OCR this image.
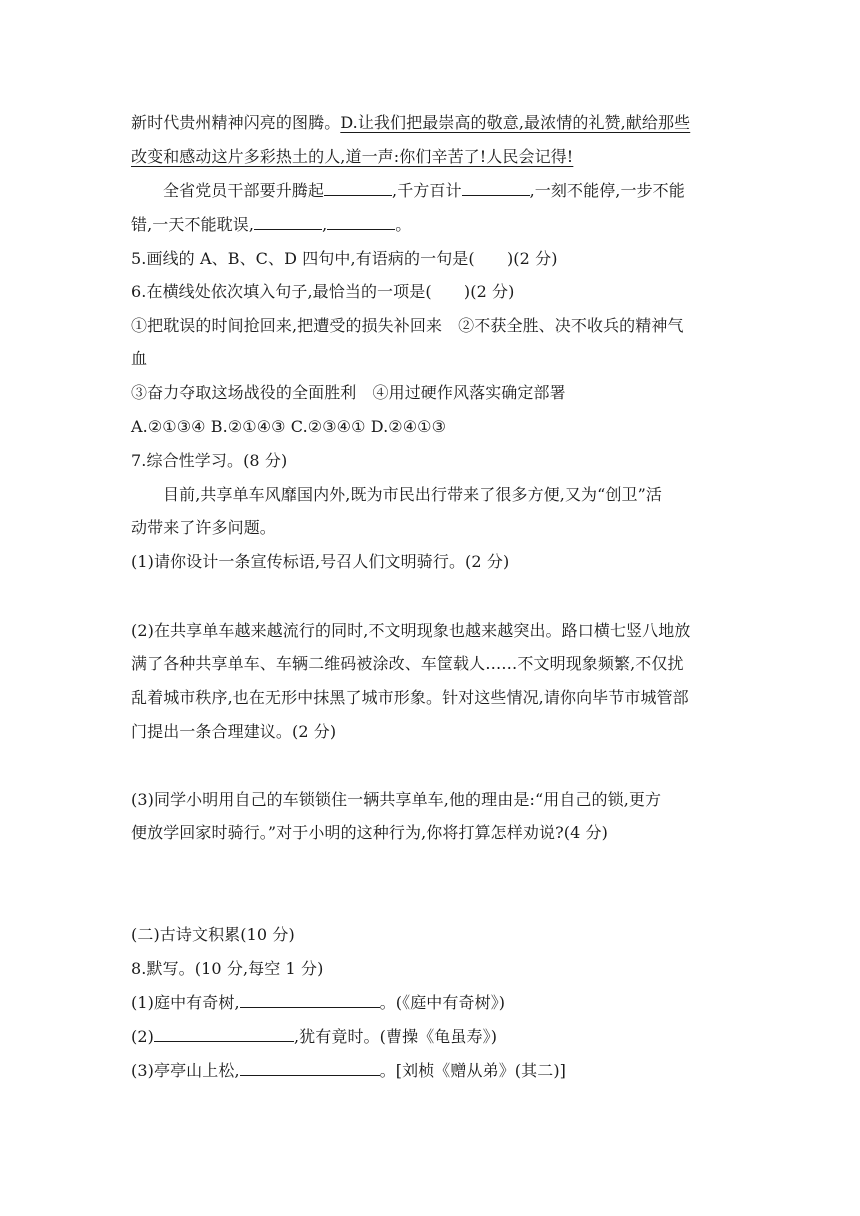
新时代贵州精神闪亮的图腾。D.让我们把最崇高的敬意,最浓情的礼赞,献给那些
改变和感动这片多彩热土的人,道一声:你们辛苦了!人民会记得!
全省党员干部要升腾起	,千方百计	,一刻不能停,一步不能
错,一天不能耽误,	,	。
5.画线的 A、B、C、D 四句中,有语病的一句是(　　)(2 分)
6.在横线处依次填入句子,最恰当的一项是(　　)(2 分)
①把耽误的时间抢回来,把遭受的损失补回来　②不获全胜、决不收兵的精神气
血
③奋力夺取这场战役的全面胜利　④用过硬作风落实确定部署
A.②①③④ B.②①④③ C.②③④① D.②④①③
7.综合性学习。(8 分)
目前,共享单车风靡国内外,既为市民出行带来了很多方便,又为“创卫”活
动带来了许多问题。
(1)请你设计一条宣传标语,号召人们文明骑行。(2 分)
(2)在共享单车越来越流行的同时,不文明现象也越来越突出。路口横七竖八地放
满了各种共享单车、车辆二维码被涂改、车筐载人……不文明现象频繁,不仅扰
乱着城市秩序,也在无形中抹黑了城市形象。针对这些情况,请你向毕节市城管部
门提出一条合理建议。(2 分)
(3)同学小明用自己的车锁锁住一辆共享单车,他的理由是:“用自己的锁,更方
便放学回家时骑行。”对于小明的这种行为,你将打算怎样劝说?(4 分)
(二)古诗文积累(10 分)
8.默写。(10 分,每空 1 分)
(1)庭中有奇树,	。(《庭中有奇树》)
(2)	,犹有竟时。(曹操《龟虽寿》)
(3)亭亭山上松,	。[刘桢《赠从弟》(其二)]
